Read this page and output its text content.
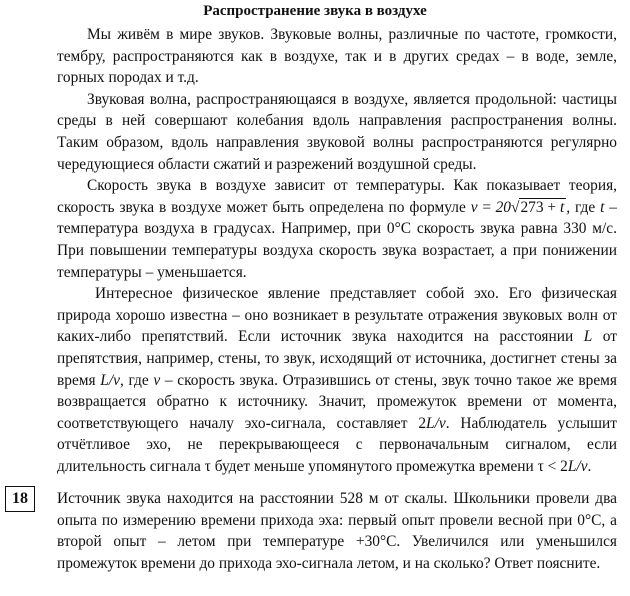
Распространение звука в воздухе

Мы живём в мире звуков. Звуковые волны, различные по частоте, громкости, тембру, распространяются как в воздухе, так и в других средах – в воде, земле, горных породах и т.д.

Звуковая волна, распространяющаяся в воздухе, является продольной: частицы среды в ней совершают колебания вдоль направления распространения волны. Таким образом, вдоль направления звуковой волны распространяются регулярно чередующиеся области сжатий и разрежений воздушной среды.

Скорость звука в воздухе зависит от температуры. Как показывает теория, скорость звука в воздухе может быть определена по формуле v = 20√273 + t , где t – температура воздуха в градусах. Например, при 0°С скорость звука равна 330 м/с. При повышении температуры воздуха скорость звука возрастает, а при понижении температуры – уменьшается.

Интересное физическое явление представляет собой эхо. Его физическая природа хорошо известна – оно возникает в результате отражения звуковых волн от каких-либо препятствий. Если источник звука находится на расстоянии L от препятствия, например, стены, то звук, исходящий от источника, достигнет стены за время L/v, где v – скорость звука. Отразившись от стены, звук точно такое же время возвращается обратно к источнику. Значит, промежуток времени от момента, соответствующего началу эхо-сигнала, составляет 2L/v. Наблюдатель услышит отчётливое эхо, не перекрывающееся с первоначальным сигналом, если длительность сигнала τ будет меньше упомянутого промежутка времени τ < 2L/v.

18	Источник звука находится на расстоянии 528 м от скалы. Школьники провели два опыта по измерению времени прихода эха: первый опыт провели весной при 0°С, а второй опыт – летом при температуре +30°С. Увеличился или уменьшился промежуток времени до прихода эхо-сигнала летом, и на сколько? Ответ поясните.
